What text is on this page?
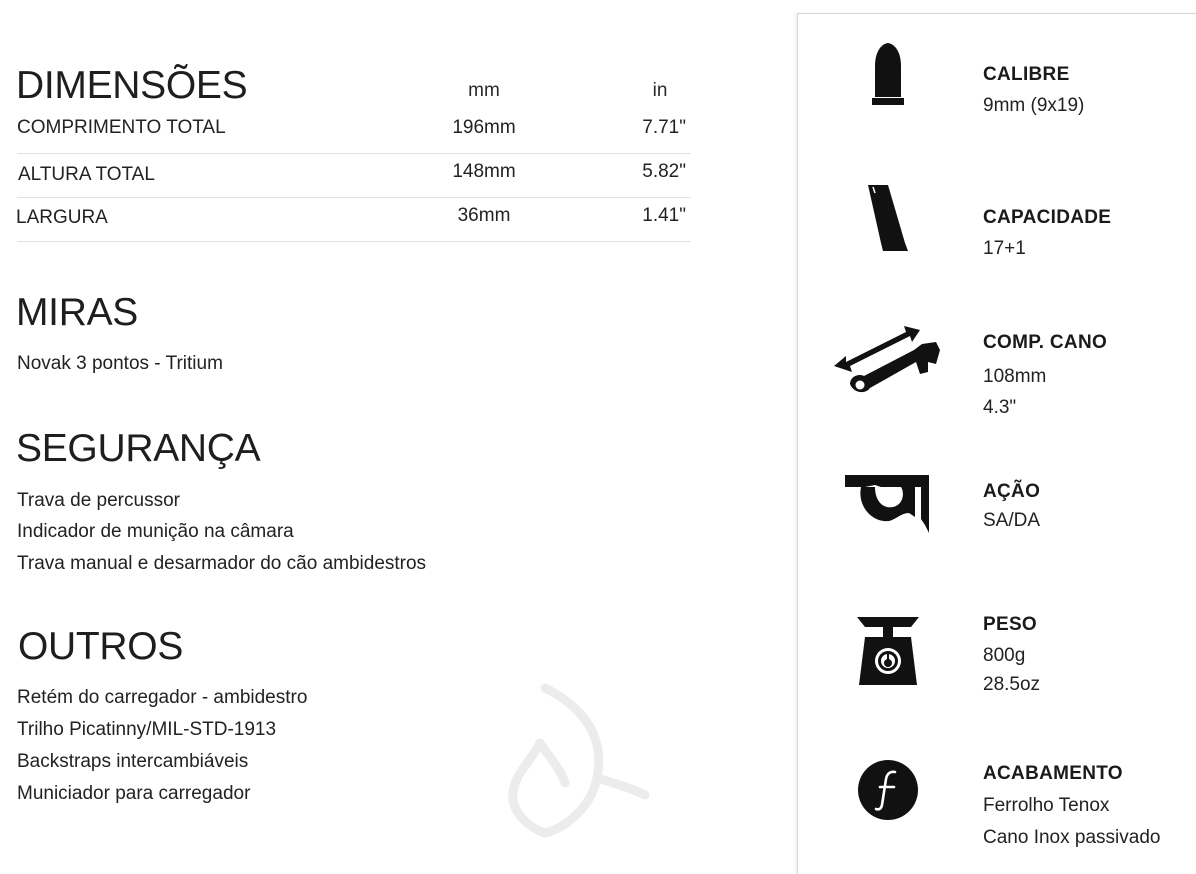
DIMENSÕES	mm	in
COMPRIMENTO TOTAL	196mm	7.71"
ALTURA TOTAL	148mm	5.82"
LARGURA	36mm	1.41"
MIRAS
Novak 3 pontos - Tritium
SEGURANÇA
Trava de percussor
Indicador de munição na câmara
Trava manual e desarmador do cão ambidestros
OUTROS
Retém do carregador - ambidestro
Trilho Picatinny/MIL-STD-1913
Backstraps intercambiáveis
Municiador para carregador
CALIBRE
9mm (9x19)
CAPACIDADE
17+1
COMP. CANO
108mm
4.3"
AÇÃO
SA/DA
PESO
800g
28.5oz
ACABAMENTO
Ferrolho Tenox
Cano Inox passivado
